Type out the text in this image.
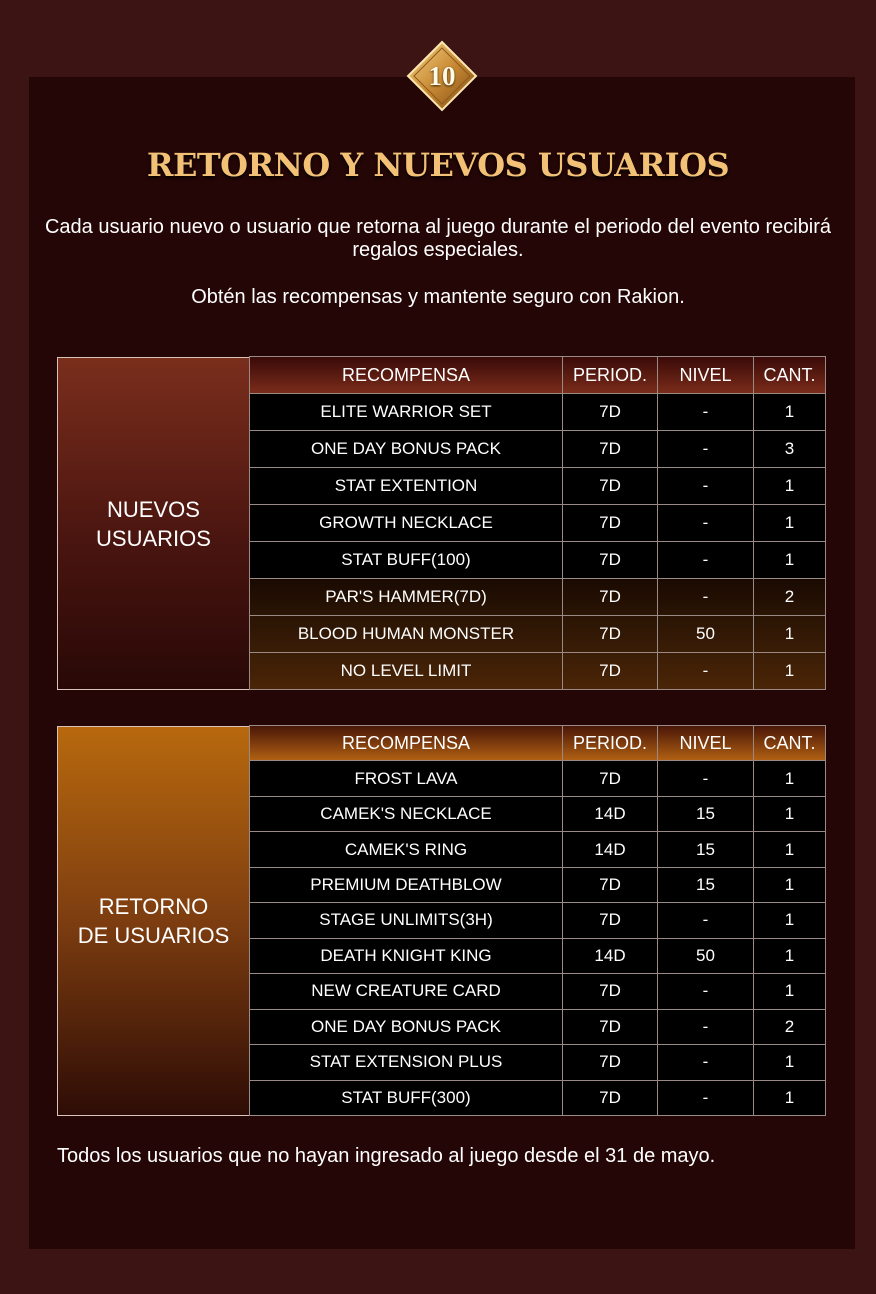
10
RETORNO Y NUEVOS USUARIOS
Cada usuario nuevo o usuario que retorna al juego durante el periodo del evento recibirá regalos especiales.
Obtén las recompensas y mantente seguro con Rakion.
NUEVOS
USUARIOS
RECOMPENSA	PERIOD.	NIVEL	CANT.
ELITE WARRIOR SET	7D	-	1
ONE DAY BONUS PACK	7D	-	3
STAT EXTENTION	7D	-	1
GROWTH NECKLACE	7D	-	1
STAT BUFF(100)	7D	-	1
PAR'S HAMMER(7D)	7D	-	2
BLOOD HUMAN MONSTER	7D	50	1
NO LEVEL LIMIT	7D	-	1
RETORNO
DE USUARIOS
RECOMPENSA	PERIOD.	NIVEL	CANT.
FROST LAVA	7D	-	1
CAMEK'S NECKLACE	14D	15	1
CAMEK'S RING	14D	15	1
PREMIUM DEATHBLOW	7D	15	1
STAGE UNLIMITS(3H)	7D	-	1
DEATH KNIGHT KING	14D	50	1
NEW CREATURE CARD	7D	-	1
ONE DAY BONUS PACK	7D	-	2
STAT EXTENSION PLUS	7D	-	1
STAT BUFF(300)	7D	-	1
Todos los usuarios que no hayan ingresado al juego desde el 31 de mayo.
